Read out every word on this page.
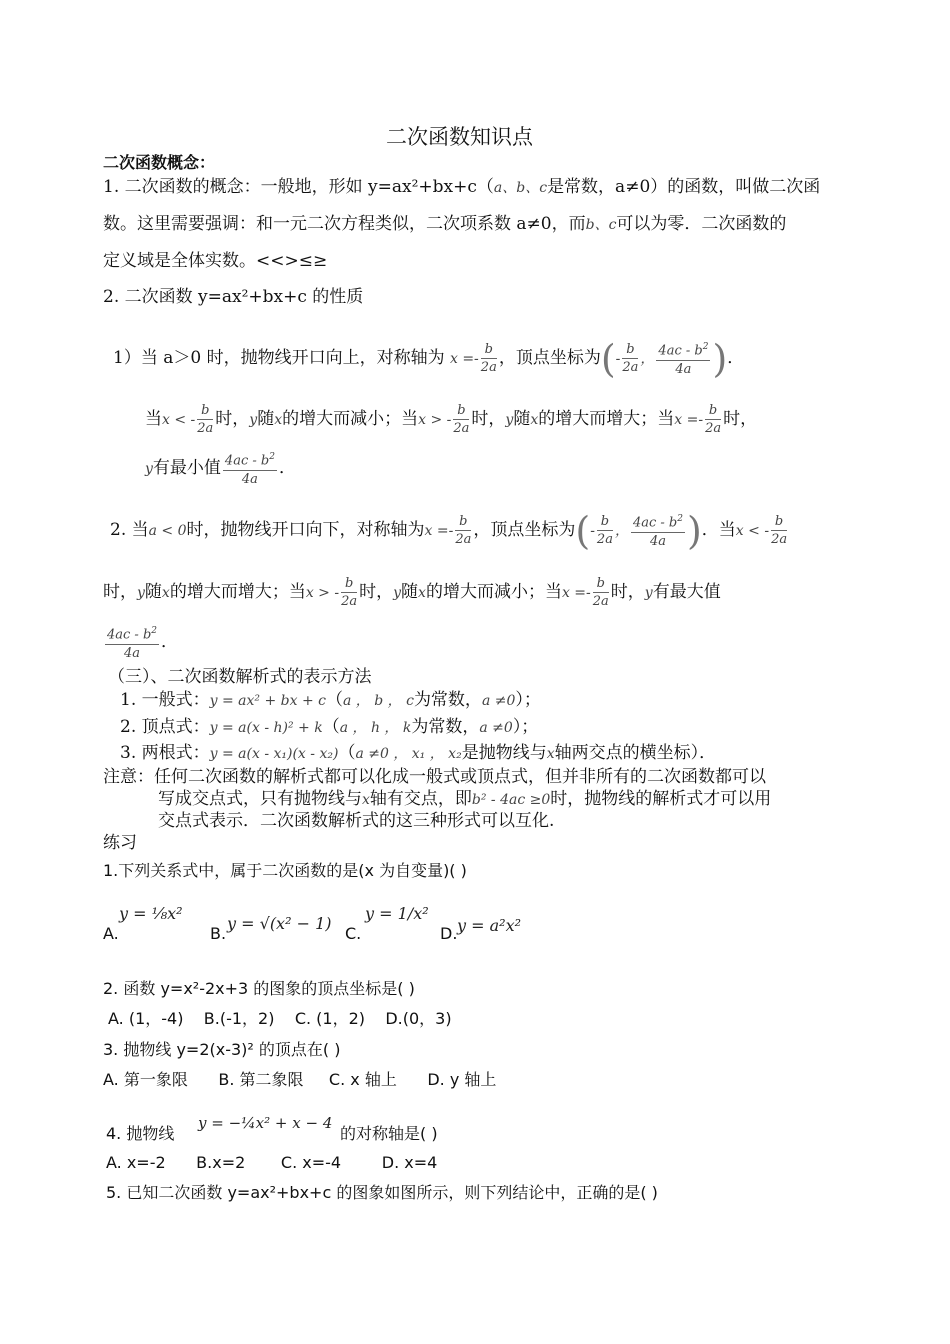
二次函数知识点
二次函数概念：
1. 二次函数的概念：一般地，形如 y=ax²+bx+c（a、b、c是常数，a≠0）的函数，叫做二次函
数。这里需要强调：和一元二次方程类似，二次项系数 a≠0，而b、c可以为零．二次函数的
定义域是全体实数。<<>≤≥
2. 二次函数 y=ax²+bx+c 的性质
1）当 a＞0 时，抛物线开口向上，对称轴为 $x =- \frac{b}{2a}$ ，顶点坐标为(- $\frac{b}{2a}$ ， $\frac{4ac - b^2}{4a}$ )．
当x < - $\frac{b}{2a}$ 时，y随x的增大而减小；当x > - $\frac{b}{2a}$ 时，y随x的增大而增大；当$x =- \frac{b}{2a}$ 时，
y有最小值 $\frac{4ac - b^2}{4a}$ ．
2. 当a < 0时，抛物线开口向下，对称轴为$x =- \frac{b}{2a}$ ，顶点坐标为(- $\frac{b}{2a}$ ， $\frac{4ac - b^2}{4a}$ )．当x < - $\frac{b}{2a}$
时，y随x的增大而增大；当x > - $\frac{b}{2a}$ 时，y随x的增大而减小；当$x =- \frac{b}{2a}$ 时，y有最大值
$\frac{4ac - b^2}{4a}$ ．
（三）、二次函数解析式的表示方法
1. 一般式：y = ax² + bx + c（a ， b ， c为常数，a ≠0）；
2. 顶点式：y = a(x - h)² + k（a ， h ， k为常数，a ≠0）；
3. 两根式：y = a(x - x₁)(x - x₂)（a ≠0 ， x₁ ， x₂是抛物线与x轴两交点的横坐标）．
注意：任何二次函数的解析式都可以化成一般式或顶点式，但并非所有的二次函数都可以
写成交点式，只有抛物线与x轴有交点，即b² - 4ac ≥0时，抛物线的解析式才可以用
交点式表示．二次函数解析式的这三种形式可以互化.
练习
1.下列关系式中，属于二次函数的是(x 为自变量)( )
A.
y = ⅛x²
B.
y = √(x² − 1)
C.
y = 1/x²
D. y = a²x²
2. 函数 y=x²-2x+3 的图象的顶点坐标是( )
A. (1，-4)    B.(-1，2)    C. (1，2)    D.(0，3)
3. 抛物线 y=2(x-3)² 的顶点在( )
A. 第一象限      B. 第二象限     C. x 轴上      D. y 轴上
4. 抛物线
y = −¼x² + x − 4
的对称轴是( )
A. x=-2      B.x=2       C. x=-4        D. x=4
5. 已知二次函数 y=ax²+bx+c 的图象如图所示，则下列结论中，正确的是( )
